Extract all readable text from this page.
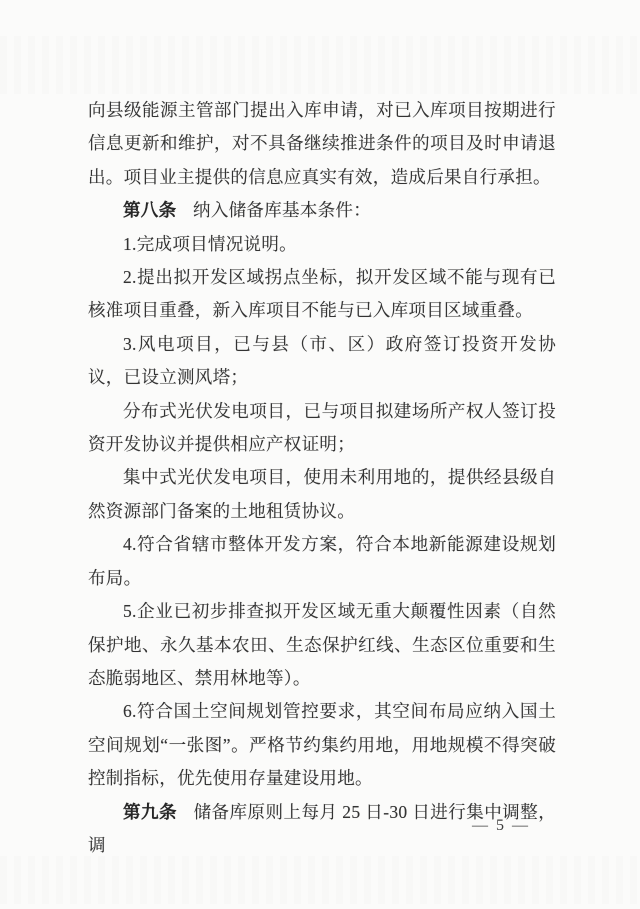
向县级能源主管部门提出入库申请，对已入库项目按期进行信息更新和维护，对不具备继续推进条件的项目及时申请退出。项目业主提供的信息应真实有效，造成后果自行承担。

第八条 纳入储备库基本条件：

1.完成项目情况说明。

2.提出拟开发区域拐点坐标，拟开发区域不能与现有已核准项目重叠，新入库项目不能与已入库项目区域重叠。

3.风电项目，已与县（市、区）政府签订投资开发协议，已设立测风塔；

分布式光伏发电项目，已与项目拟建场所产权人签订投资开发协议并提供相应产权证明；

集中式光伏发电项目，使用未利用地的，提供经县级自然资源部门备案的土地租赁协议。

4.符合省辖市整体开发方案，符合本地新能源建设规划布局。

5.企业已初步排查拟开发区域无重大颠覆性因素（自然保护地、永久基本农田、生态保护红线、生态区位重要和生态脆弱地区、禁用林地等）。

6.符合国土空间规划管控要求，其空间布局应纳入国土空间规划“一张图”。严格节约集约用地，用地规模不得突破控制指标，优先使用存量建设用地。

第九条 储备库原则上每月 25 日-30 日进行集中调整，调

— 5 —
